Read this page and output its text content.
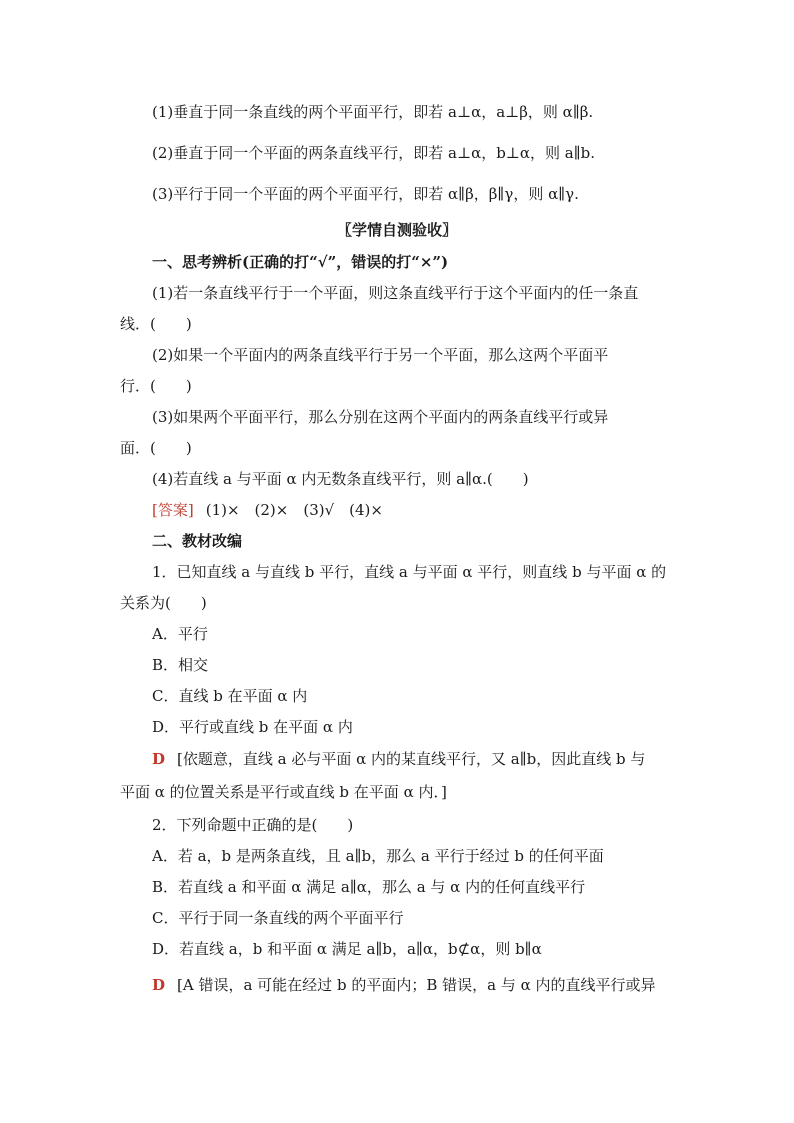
(1)垂直于同一条直线的两个平面平行，即若 a⊥α，a⊥β，则 α∥β.
(2)垂直于同一个平面的两条直线平行，即若 a⊥α，b⊥α，则 a∥b.
(3)平行于同一个平面的两个平面平行，即若 α∥β，β∥γ，则 α∥γ.
〖学情自测验收〗
一、思考辨析(正确的打“√”，错误的打“×”)
(1)若一条直线平行于一个平面，则这条直线平行于这个平面内的任一条直
线．(　　)
(2)如果一个平面内的两条直线平行于另一个平面，那么这两个平面平
行．(　　)
(3)如果两个平面平行，那么分别在这两个平面内的两条直线平行或异
面．(　　)
(4)若直线 a 与平面 α 内无数条直线平行，则 a∥α.(　　)
[答案] (1)×　(2)×　(3)√　(4)×
二、教材改编
1．已知直线 a 与直线 b 平行，直线 a 与平面 α 平行，则直线 b 与平面 α 的
关系为(　　)
A．平行
B．相交
C．直线 b 在平面 α 内
D．平行或直线 b 在平面 α 内
D [依题意，直线 a 必与平面 α 内的某直线平行，又 a∥b，因此直线 b 与
平面 α 的位置关系是平行或直线 b 在平面 α 内．]
2．下列命题中正确的是(　　)
A．若 a，b 是两条直线，且 a∥b，那么 a 平行于经过 b 的任何平面
B．若直线 a 和平面 α 满足 a∥α，那么 a 与 α 内的任何直线平行
C．平行于同一条直线的两个平面平行
D．若直线 a，b 和平面 α 满足 a∥b，a∥α，b⊄α，则 b∥α
D [A 错误，a 可能在经过 b 的平面内；B 错误，a 与 α 内的直线平行或异
